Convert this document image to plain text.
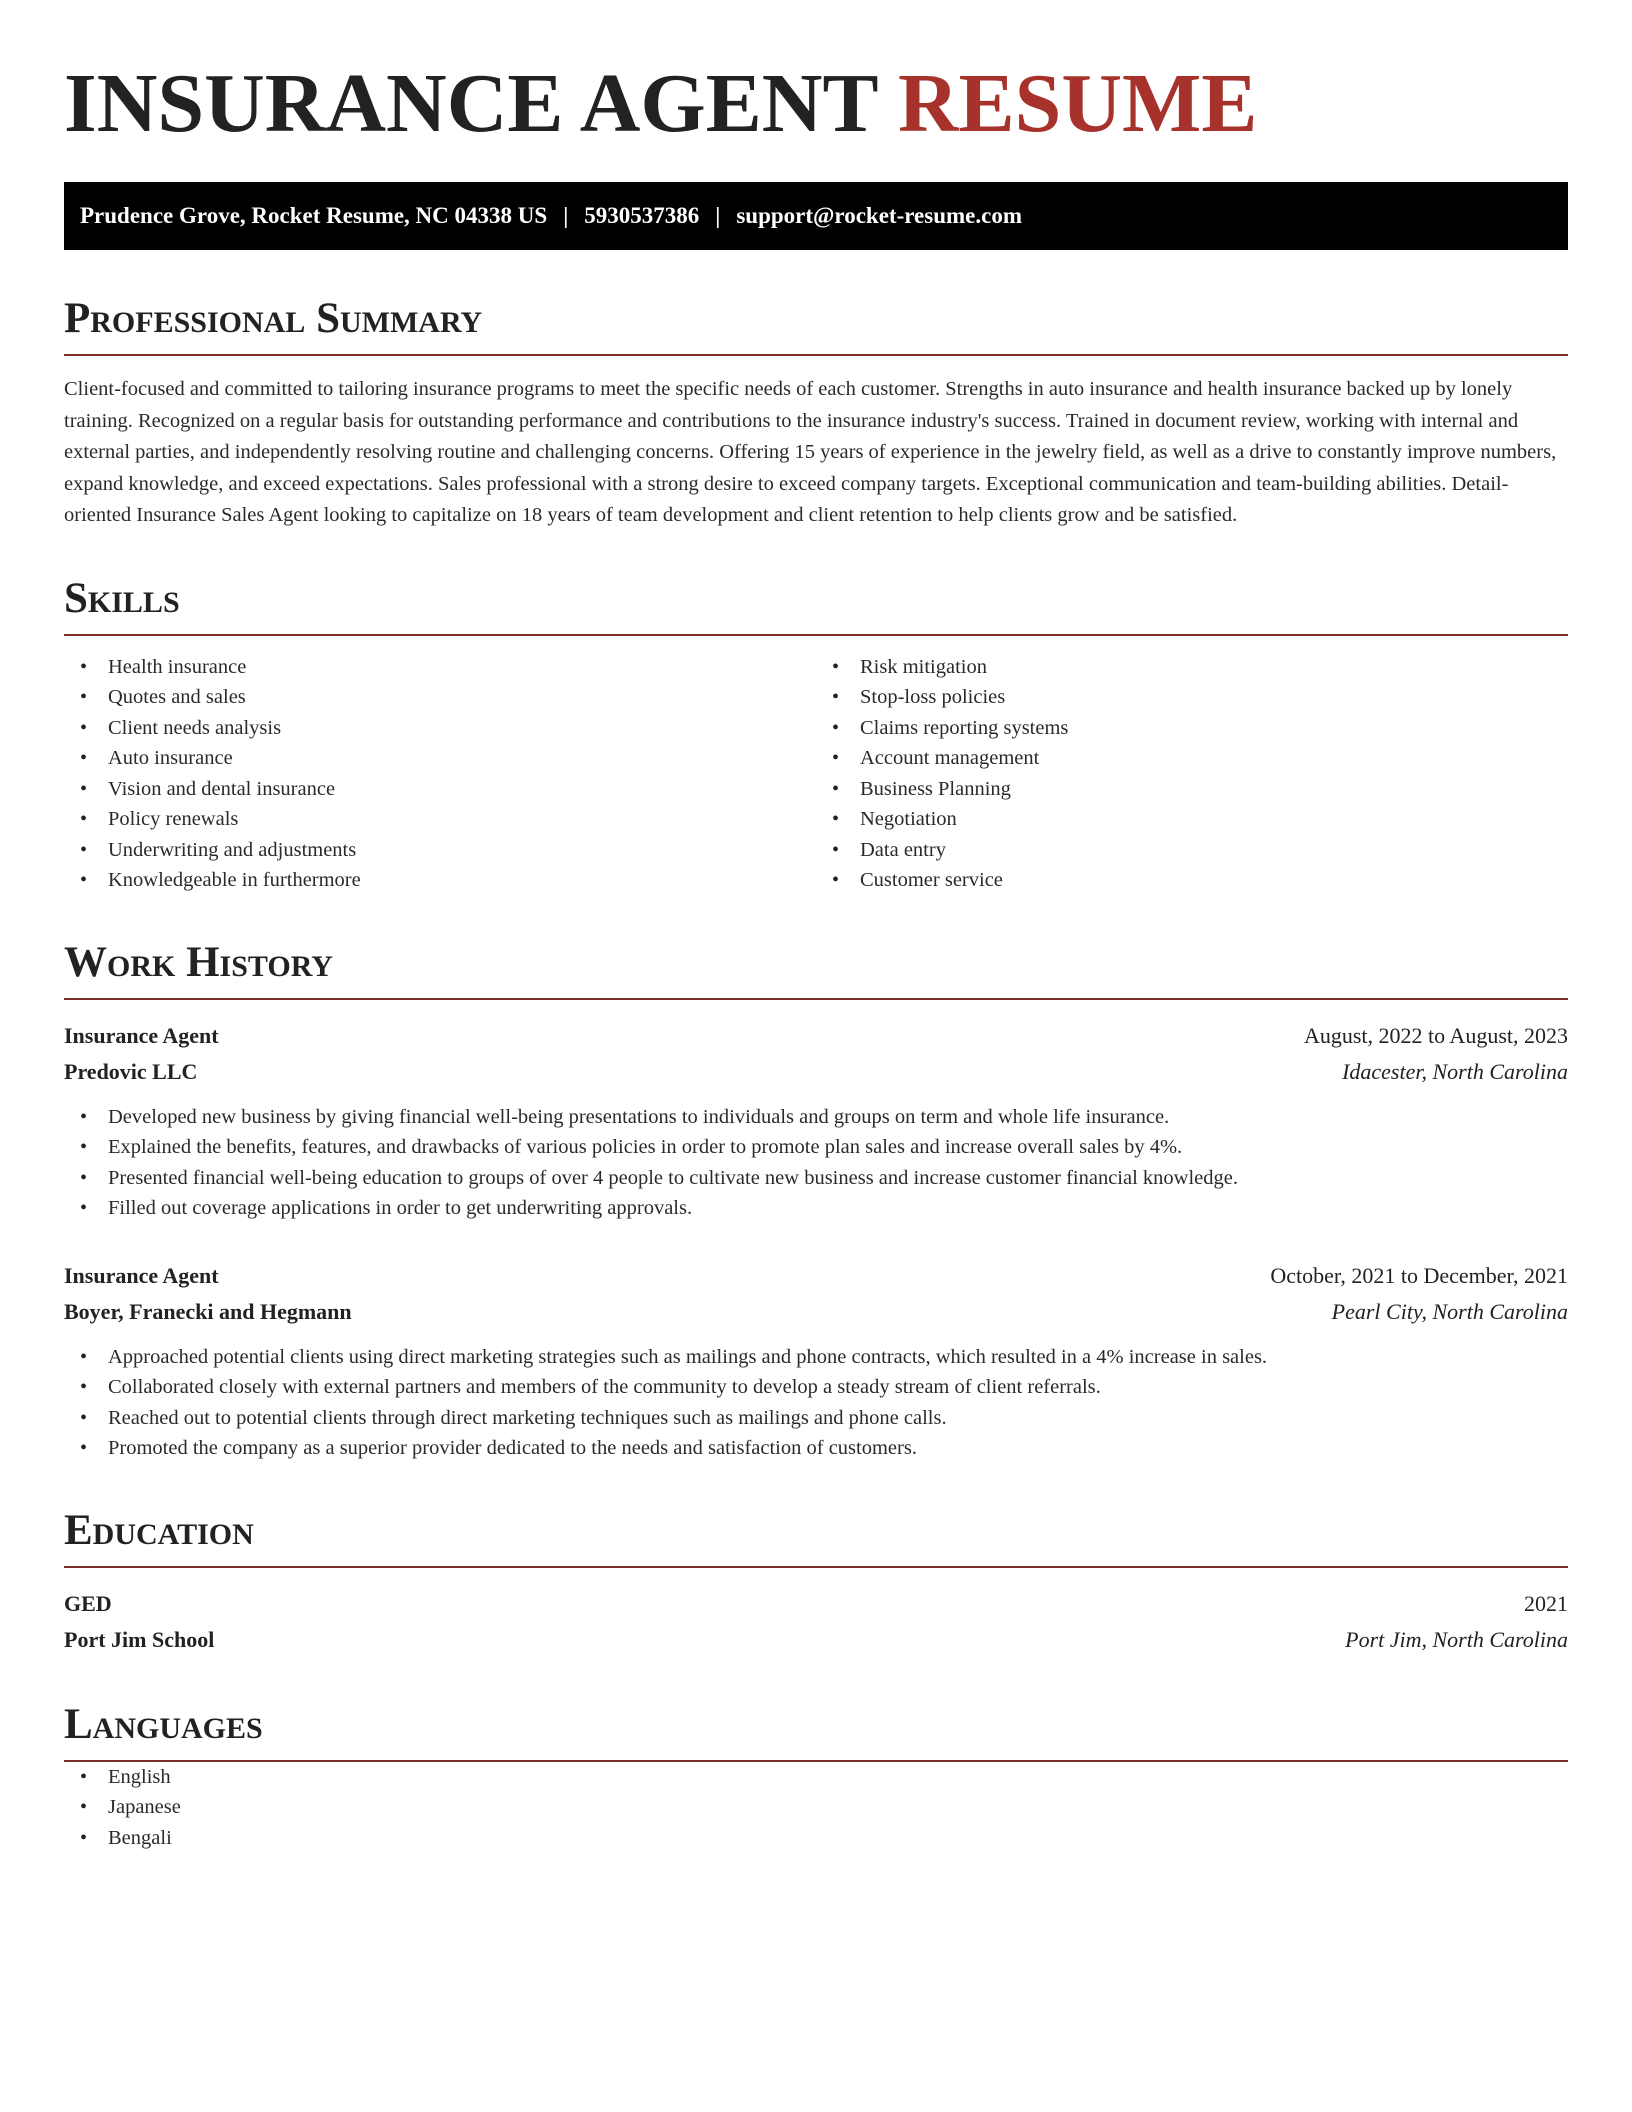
INSURANCE AGENT RESUME
Prudence Grove, Rocket Resume, NC 04338 US | 5930537386 | support@rocket-resume.com
Professional Summary

Client-focused and committed to tailoring insurance programs to meet the specific needs of each customer. Strengths in auto insurance and health insurance backed up by lonely training. Recognized on a regular basis for outstanding performance and contributions to the insurance industry's success. Trained in document review, working with internal and external parties, and independently resolving routine and challenging concerns. Offering 15 years of experience in the jewelry field, as well as a drive to constantly improve numbers, expand knowledge, and exceed expectations. Sales professional with a strong desire to exceed company targets. Exceptional communication and team-building abilities. Detail-oriented Insurance Sales Agent looking to capitalize on 18 years of team development and client retention to help clients grow and be satisfied.

Skills
• Health insurance
• Quotes and sales
• Client needs analysis
• Auto insurance
• Vision and dental insurance
• Policy renewals
• Underwriting and adjustments
• Knowledgeable in furthermore
• Risk mitigation
• Stop-loss policies
• Claims reporting systems
• Account management
• Business Planning
• Negotiation
• Data entry
• Customer service
Work History
Insurance Agent	August, 2022 to August, 2023
Predovic LLC	Idacester, North Carolina
• Developed new business by giving financial well-being presentations to individuals and groups on term and whole life insurance.
• Explained the benefits, features, and drawbacks of various policies in order to promote plan sales and increase overall sales by 4%.
• Presented financial well-being education to groups of over 4 people to cultivate new business and increase customer financial knowledge.
• Filled out coverage applications in order to get underwriting approvals.
Insurance Agent	October, 2021 to December, 2021
Boyer, Franecki and Hegmann	Pearl City, North Carolina
• Approached potential clients using direct marketing strategies such as mailings and phone contracts, which resulted in a 4% increase in sales.
• Collaborated closely with external partners and members of the community to develop a steady stream of client referrals.
• Reached out to potential clients through direct marketing techniques such as mailings and phone calls.
• Promoted the company as a superior provider dedicated to the needs and satisfaction of customers.
Education
GED	2021
Port Jim School	Port Jim, North Carolina
Languages
• English
• Japanese
• Bengali
